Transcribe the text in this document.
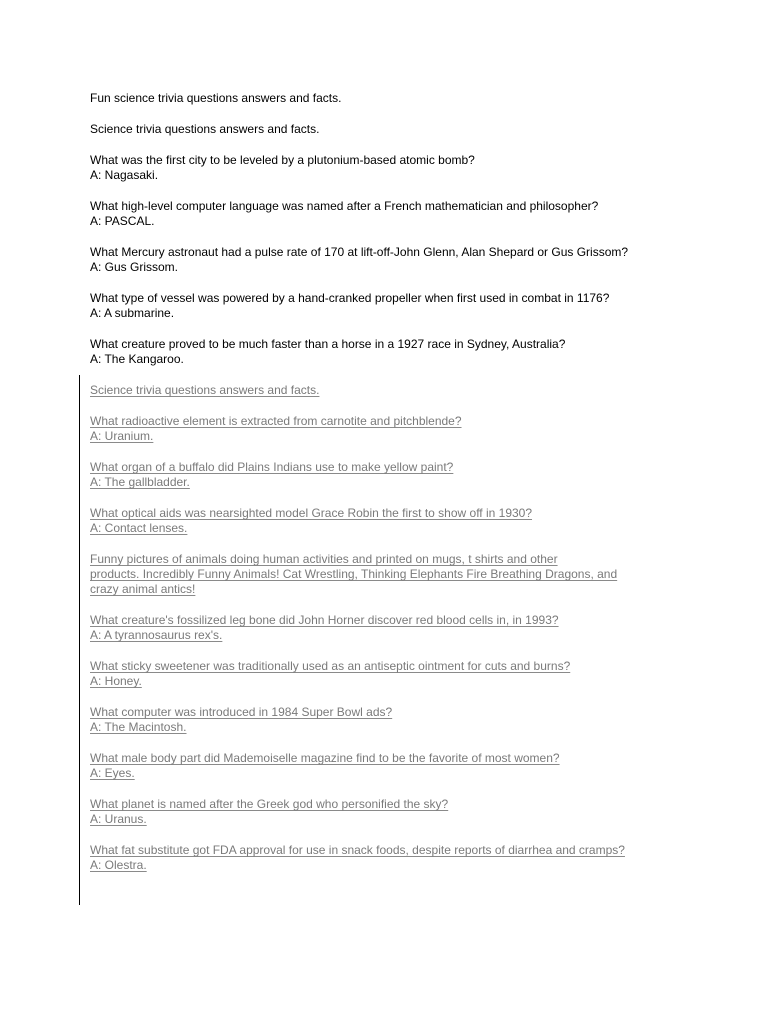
Fun science trivia questions answers and facts.
Science trivia questions answers and facts.
What was the first city to be leveled by a plutonium-based atomic bomb?
A: Nagasaki.
What high-level computer language was named after a French mathematician and philosopher?
A: PASCAL.
What Mercury astronaut had a pulse rate of 170 at lift-off-John Glenn, Alan Shepard or Gus Grissom?
A: Gus Grissom.
What type of vessel was powered by a hand-cranked propeller when first used in combat in 1176?
A: A submarine.
What creature proved to be much faster than a horse in a 1927 race in Sydney, Australia?
A: The Kangaroo.
Science trivia questions answers and facts.
What radioactive element is extracted from carnotite and pitchblende?
A: Uranium.
What organ of a buffalo did Plains Indians use to make yellow paint?
A: The gallbladder.
What optical aids was nearsighted model Grace Robin the first to show off in 1930?
A: Contact lenses.
Funny pictures of animals doing human activities and printed on mugs, t shirts and other
products. Incredibly Funny Animals! Cat Wrestling, Thinking Elephants Fire Breathing Dragons, and
crazy animal antics!
What creature's fossilized leg bone did John Horner discover red blood cells in, in 1993?
A: A tyrannosaurus rex's.
What sticky sweetener was traditionally used as an antiseptic ointment for cuts and burns?
A: Honey.
What computer was introduced in 1984 Super Bowl ads?
A: The Macintosh.
What male body part did Mademoiselle magazine find to be the favorite of most women?
A: Eyes.
What planet is named after the Greek god who personified the sky?
A: Uranus.
What fat substitute got FDA approval for use in snack foods, despite reports of diarrhea and cramps?
A: Olestra.
